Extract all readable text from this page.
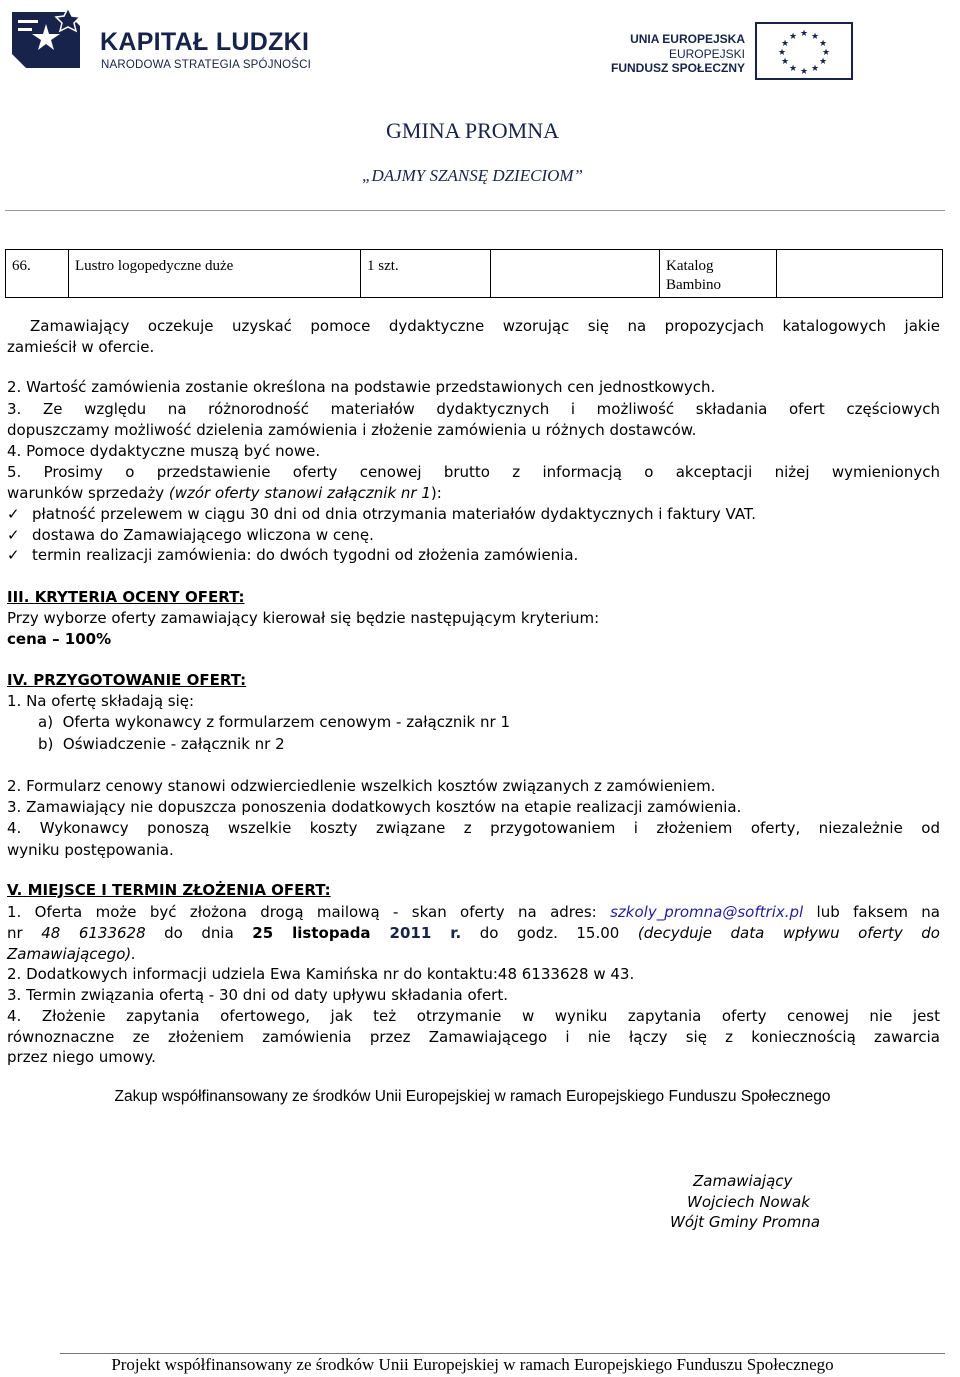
KAPITAŁ LUDZKI
NARODOWA STRATEGIA SPÓJNOŚCI
UNIA EUROPEJSKA
EUROPEJSKI
FUNDUSZ SPOŁECZNY
★ ★
★
★
★
★
★
★
★
★
★
★
GMINA PROMNA
„DAJMY SZANSĘ DZIECIOM”
66.	Lustro logopedyczne duże	1 szt.		Katalog
Bambino

Zamawiający oczekuje uzyskać pomoce dydaktyczne wzorując się na propozycjach katalogowych jakie
zamieścił w ofercie.
2. Wartość zamówienia zostanie określona na podstawie przedstawionych cen jednostkowych.
3. Ze względu na różnorodność materiałów dydaktycznych i możliwość składania ofert częściowych
dopuszczamy możliwość dzielenia zamówienia i złożenie zamówienia u różnych dostawców.
4. Pomoce dydaktyczne muszą być nowe.
5. Prosimy o przedstawienie oferty cenowej brutto z informacją o akceptacji niżej wymienionych
warunków sprzedaży (wzór oferty stanowi załącznik nr 1):
✓ płatność przelewem w ciągu 30 dni od dnia otrzymania materiałów dydaktycznych i faktury VAT.
✓ dostawa do Zamawiającego wliczona w cenę.
✓ termin realizacji zamówienia: do dwóch tygodni od złożenia zamówienia.
III. KRYTERIA OCENY OFERT:
Przy wyborze oferty zamawiający kierował się będzie następującym kryterium:
cena – 100%
IV. PRZYGOTOWANIE OFERT:
1. Na ofertę składają się:
a)  Oferta wykonawcy z formularzem cenowym - załącznik nr 1
b)  Oświadczenie - załącznik nr 2
2. Formularz cenowy stanowi odzwierciedlenie wszelkich kosztów związanych z zamówieniem.
3. Zamawiający nie dopuszcza ponoszenia dodatkowych kosztów na etapie realizacji zamówienia.
4. Wykonawcy ponoszą wszelkie koszty związane z przygotowaniem i złożeniem oferty, niezależnie od
wyniku postępowania.
V. MIEJSCE I TERMIN ZŁOŻENIA OFERT:
1. Oferta może być złożona drogą mailową - skan oferty na adres: szkoly_promna@softrix.pl lub faksem na
nr 48 6133628 do dnia 25 listopada 2011 r. do godz. 15.00 (decyduje data wpływu oferty do
Zamawiającego).
2. Dodatkowych informacji udziela Ewa Kamińska nr do kontaktu:48 6133628 w 43.
3. Termin związania ofertą - 30 dni od daty upływu składania ofert.
4. Złożenie zapytania ofertowego, jak też otrzymanie w wyniku zapytania oferty cenowej nie jest
równoznaczne ze złożeniem zamówienia przez Zamawiającego i nie łączy się z koniecznością zawarcia
przez niego umowy.
Zakup współfinansowany ze środków Unii Europejskiej w ramach Europejskiego Funduszu Społecznego
Zamawiający
Wojciech Nowak
Wójt Gminy Promna
Projekt współfinansowany ze środków Unii Europejskiej w ramach Europejskiego Funduszu Społecznego
